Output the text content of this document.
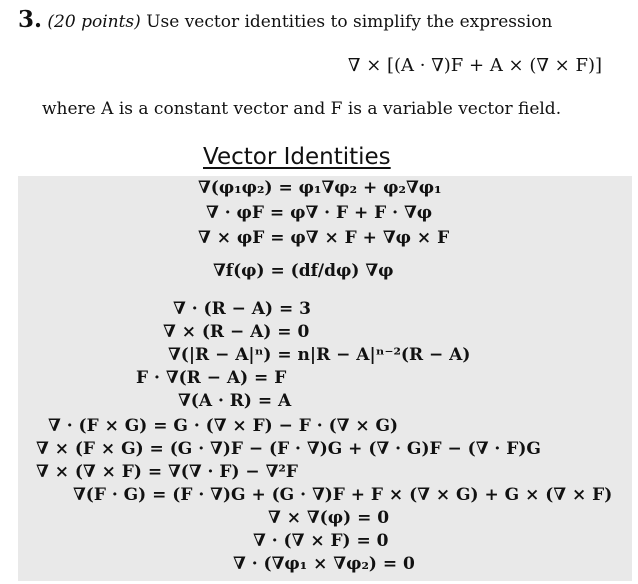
3. (20 points) Use vector identities to simplify the expression
∇ × [(A · ∇)F + A × (∇ × F)]
where A is a constant vector and F is a variable vector field.
Vector Identities
∇(φ₁φ₂) = φ₁∇φ₂ + φ₂∇φ₁
∇ · φF = φ∇ · F + F · ∇φ
∇ × φF = φ∇ × F + ∇φ × F
∇f(φ) = (df/dφ) ∇φ
∇ · (R − A) = 3
∇ × (R − A) = 0
∇(|R − A|ⁿ) = n|R − A|ⁿ⁻²(R − A)
F · ∇(R − A) = F
∇(A · R) = A
∇ · (F × G) = G · (∇ × F) − F · (∇ × G)
∇ × (F × G) = (G · ∇)F − (F · ∇)G + (∇ · G)F − (∇ · F)G
∇ × (∇ × F) = ∇(∇ · F) − ∇²F
∇(F · G) = (F · ∇)G + (G · ∇)F + F × (∇ × G) + G × (∇ × F)
∇ × ∇(φ) = 0
∇ · (∇ × F) = 0
∇ · (∇φ₁ × ∇φ₂) = 0
